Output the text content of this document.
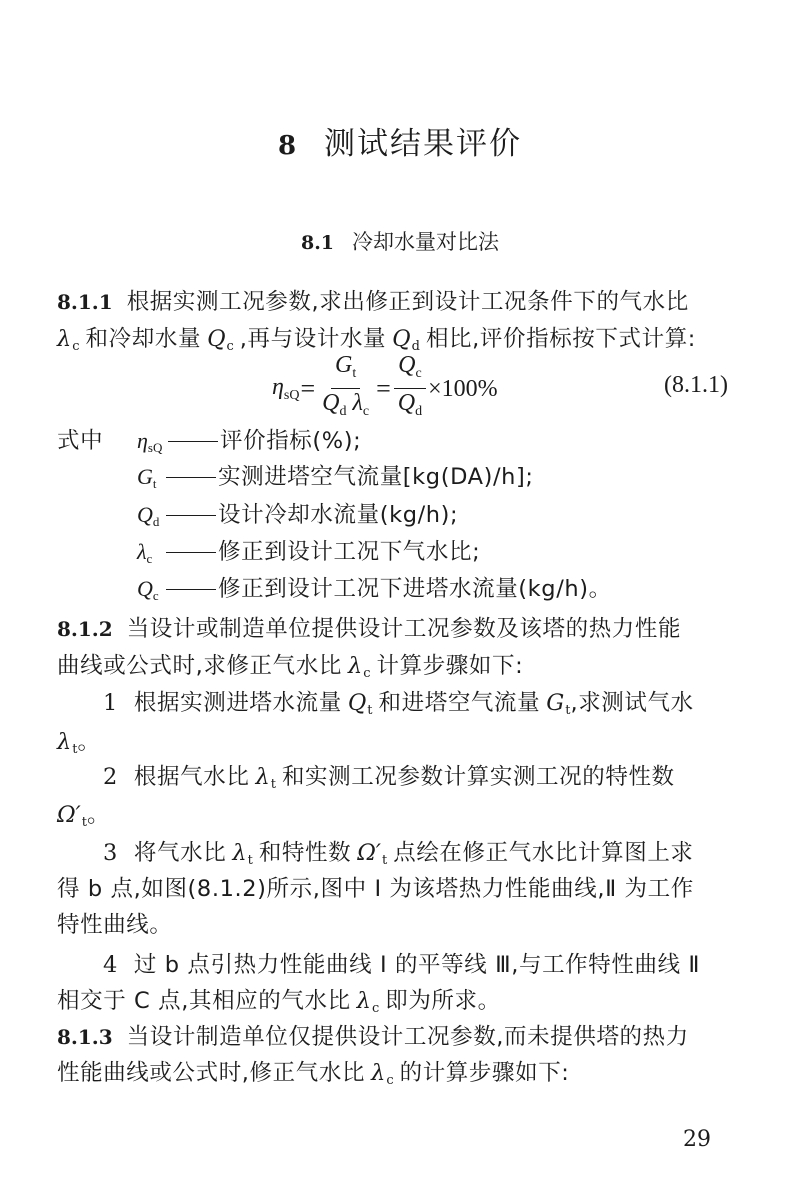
8 测试结果评价
8.1 冷却水量对比法
8.1.1 根据实测工况参数,求出修正到设计工况条件下的气水比
$\lambda_c$ 和冷却水量 $Q_c$ ,再与设计水量 $Q_d$ 相比,评价指标按下式计算:
$\eta_{sQ} = \frac{G_t}{Q_d \lambda_c} = \frac{Q_c}{Q_d} \times 100\%$	(8.1.1)
式中 $\eta_{sQ}$	评价指标(%);
$G_t$	实测进塔空气流量[kg(DA)/h];
$Q_d$	设计冷却水流量(kg/h);
$\lambda_c$	修正到设计工况下气水比;
$Q_c$	修正到设计工况下进塔水流量(kg/h)。
8.1.2 当设计或制造单位提供设计工况参数及该塔的热力性能
曲线或公式时,求修正气水比 $\lambda_c$ 计算步骤如下:
1 根据实测进塔水流量 $Q_t$ 和进塔空气流量 $G_t$,求测试气水
$\lambda_t$。
2 根据气水比 $\lambda_t$ 和实测工况参数计算实测工况的特性数
$\Omega'_t$。
3 将气水比 $\lambda_t$ 和特性数 $\Omega'_t$ 点绘在修正气水比计算图上求
得 b 点,如图(8.1.2)所示,图中 Ⅰ 为该塔热力性能曲线,Ⅱ 为工作
特性曲线。
4 过 b 点引热力性能曲线 Ⅰ 的平等线 Ⅲ,与工作特性曲线 Ⅱ
相交于 C 点,其相应的气水比 $\lambda_c$ 即为所求。
8.1.3 当设计制造单位仅提供设计工况参数,而未提供塔的热力
性能曲线或公式时,修正气水比 $\lambda_c$ 的计算步骤如下:
29
